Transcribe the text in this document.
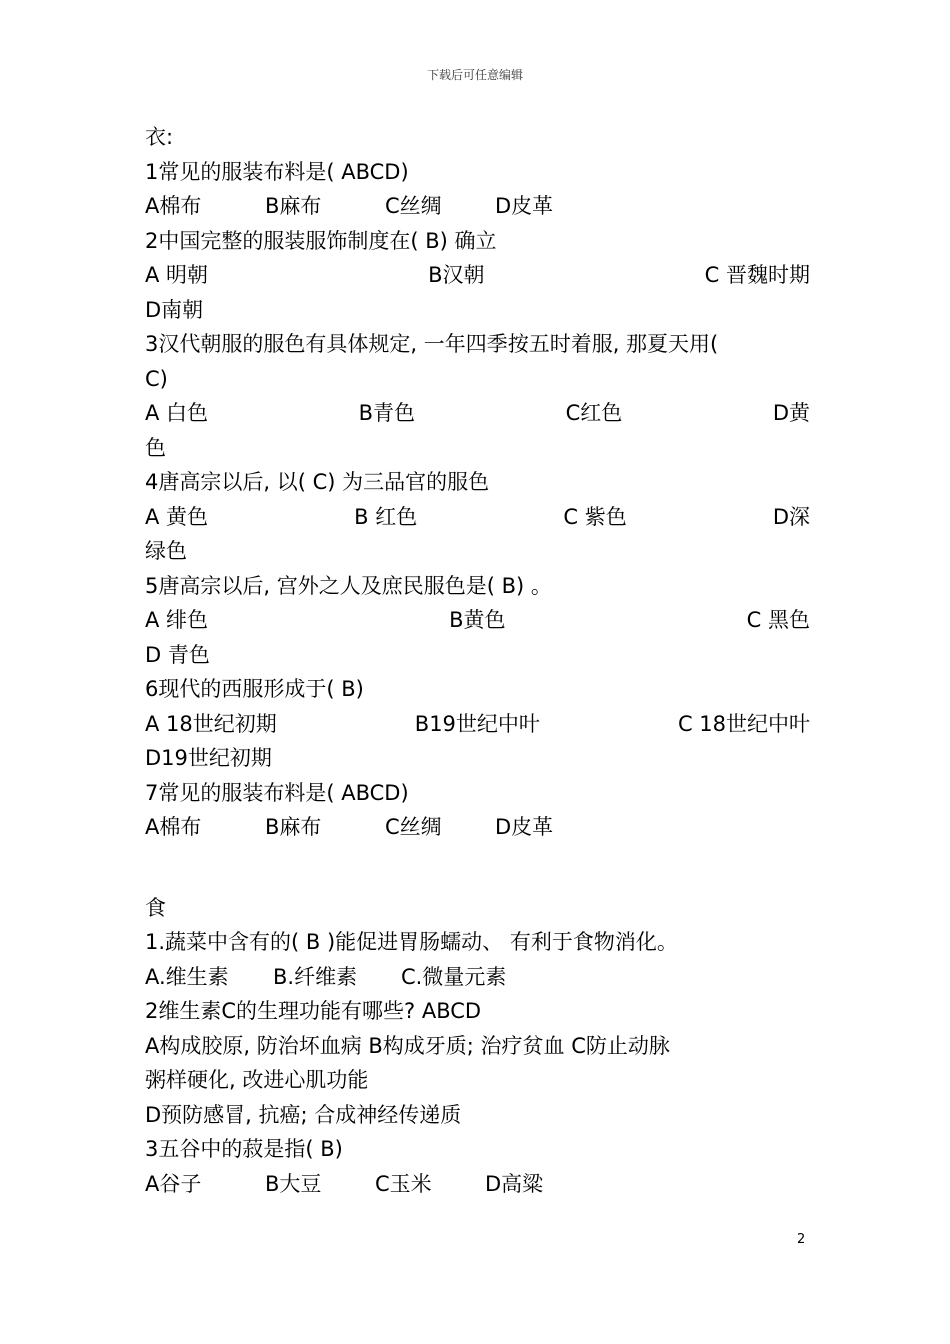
下载后可任意编辑
衣:
1常见的服装布料是( ABCD)
A棉布	B麻布	C丝绸	D皮革
2中国完整的服装服饰制度在( B) 确立
A 明朝	B汉朝	C 晋魏时期
D南朝
3汉代朝服的服色有具体规定, 一年四季按五时着服, 那夏天用(
C)
A 白色	B青色	C红色	D黄
色
4唐高宗以后, 以( C) 为三品官的服色
A 黄色	B 红色	C 紫色	D深
绿色
5唐高宗以后, 宫外之人及庶民服色是( B) 。
A 绯色	B黄色	C 黑色
D 青色
6现代的西服形成于( B)
A 18世纪初期	B19世纪中叶	C 18世纪中叶
D19世纪初期
7常见的服装布料是( ABCD)
A棉布	B麻布	C丝绸	D皮革
食
1.蔬菜中含有的( B )能促进胃肠蠕动、 有利于食物消化。
A.维生素	B.纤维素	C.微量元素
2维生素C的生理功能有哪些? ABCD
A构成胶原, 防治坏血病 B构成牙质; 治疗贫血 C防止动脉
粥样硬化, 改进心肌功能
D预防感冒, 抗癌; 合成神经传递质
3五谷中的菽是指( B)
A谷子	B大豆	C玉米	D高粱
2
